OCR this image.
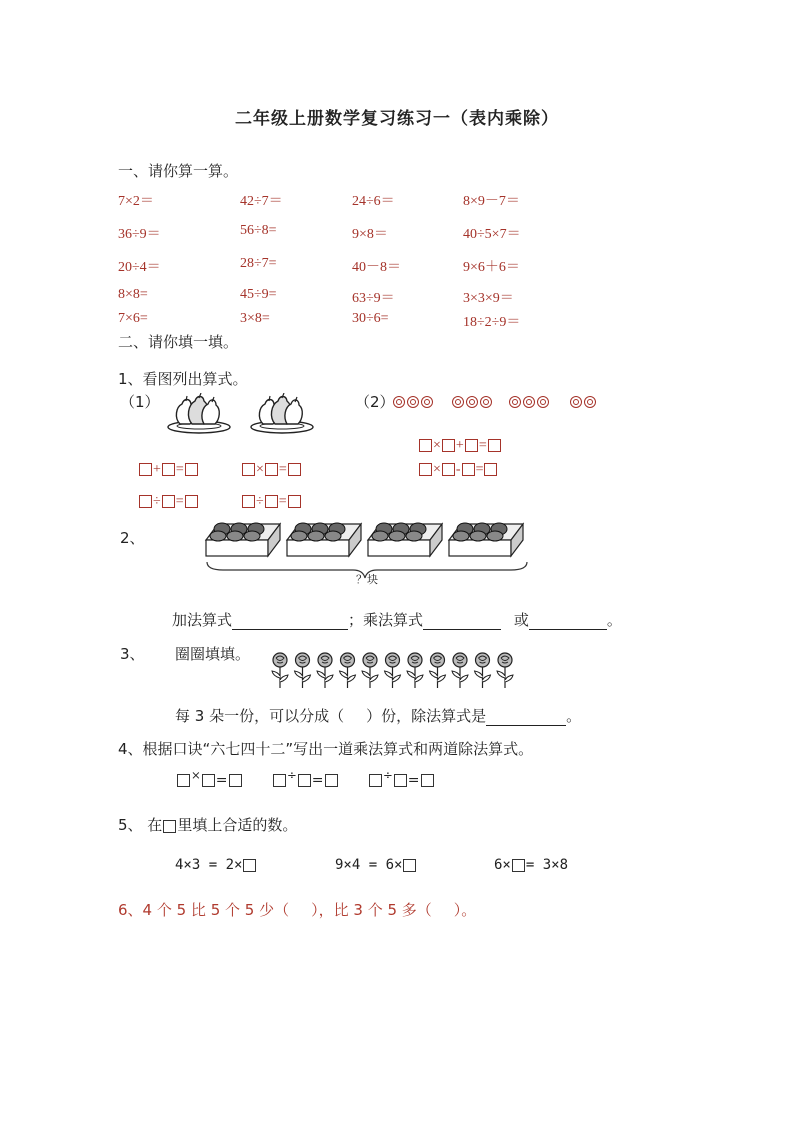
二年级上册数学复习练习一（表内乘除）
一、请你算一算。
7×2＝	42÷7＝	24÷6＝	8×9－7＝
36÷9＝	56÷8=	9×8＝	40÷5×7＝
20÷4＝	28÷7=	40－8＝	9×6＋6＝
8×8=	45÷9=	63÷9＝	3×3×9＝
7×6=	3×8=	30÷6=	18÷2÷9＝
二、请你填一填。
1、看图列出算式。
（1）	（2）

× + =
+ =	× =	× - =
÷ =	÷ =
2、
？块
加法算式	；乘法算式	或	。
3、 圈圈填填。
每 3 朵一份，可以分成（ ）份，除法算式是	。
4、根据口诀“六七四十二”写出一道乘法算式和两道除法算式。
× =	÷ =	÷ =
5、 在 里填上合适的数。
4×3 = 2×	9×4 = 6×	6× = 3×8
6、4 个 5 比 5 个 5 少（ ），比 3 个 5 多（ ）。
